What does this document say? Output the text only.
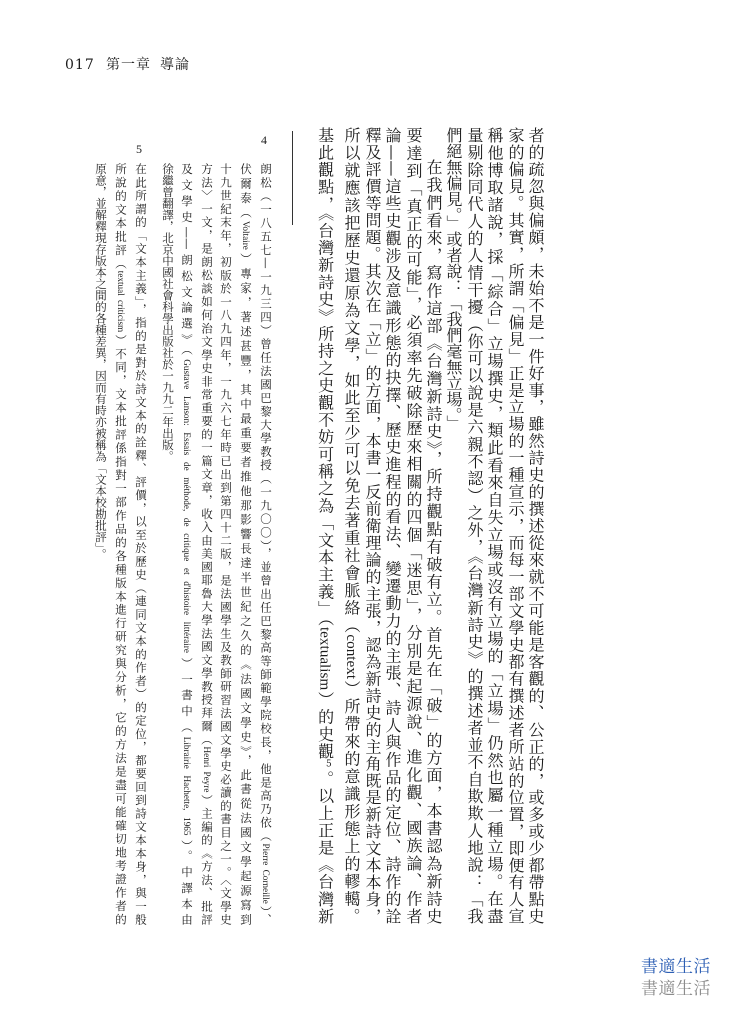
017 第一章 導論
者的疏忽與偏頗，未始不是一件好事，雖然詩史的撰述從來就不可能是客觀的、公正的，或多或少都帶點史
家的偏見。其實，所謂「偏見」正是立場的一種宣示，而每一部文學史都有撰述者所站的位置，即便有人宣
稱他博取諸說，採「綜合」立場撰史，類此看來自失立場或沒有立場的「立場」仍然也屬一種立場。在盡
量剔除同代人的人情干擾（你可以說是六親不認）之外，《台灣新詩史》的撰述者並不自欺欺人地說：「我
們絕無偏見。」或者說：「我們毫無立場。」
在我們看來，寫作這部《台灣新詩史》，所持觀點有破有立。首先在「破」的方面，本書認為新詩史
要達到「真正的可能」，必須率先破除歷來相關的四個「迷思」，分別是起源說、進化觀、國族論、作者
論——這些史觀涉及意識形態的抉擇、歷史進程的看法、變遷動力的主張、詩人與作品的定位、詩作的詮
釋及評價等問題。其次在「立」的方面，本書一反前衛理論的主張，認為新詩史的主角既是新詩文本本身，
所以就應該把歷史還原為文學，如此至少可以免去著重社會脈絡（context）所帶來的意識形態上的轇轕。
基此觀點，《台灣新詩史》所持之史觀不妨可稱之為「文本主義」（textualism）的史觀$^5$。以上正是《台灣新
4
朗松（一八五七—一九三四）曾任法國巴黎大學教授（一九〇〇），並曾出任巴黎高等師範學院校長，他是高乃依（Pierre Corneille）、
伏爾泰（Voltaire）專家，著述甚豐，其中最重要者推他那影響長達半世紀之久的《法國文學史》，此書從法國文學起源寫到
十九世紀末年，初版於一八九四年，一九六七年時已出到第四十二版，是法國學生及教師研習法國文學史必讀的書目之一。〈文學史
方法〉一文，是朗松談如何治文學史非常重要的一篇文章，收入由美國耶魯大學法國文學教授拜爾（Henri Peyre）主編的《方法、批評
及文學史——朗松文論選》（Gustave Lanson: Essais de méthode, de critique et d'histoire littéraire）一書中（Librairie Hachette, 1965）。中譯本由
徐繼曾翻譯，北京中國社會科學出版社於一九九二年出版。
5
在此所謂的「文本主義」，指的是對於詩文本的詮釋、評價，以至於歷史（連同文本的作者）的定位，都要回到詩文本本身，與一般
所說的文本批評（textual criticism）不同，文本批評係指對一部作品的各種版本進行研究與分析，它的方法是盡可能確切地考證作者的
原意，並解釋現存版本之間的各種差異，因而有時亦被稱為「文本校勘批評」。
書適生活
書適生活
